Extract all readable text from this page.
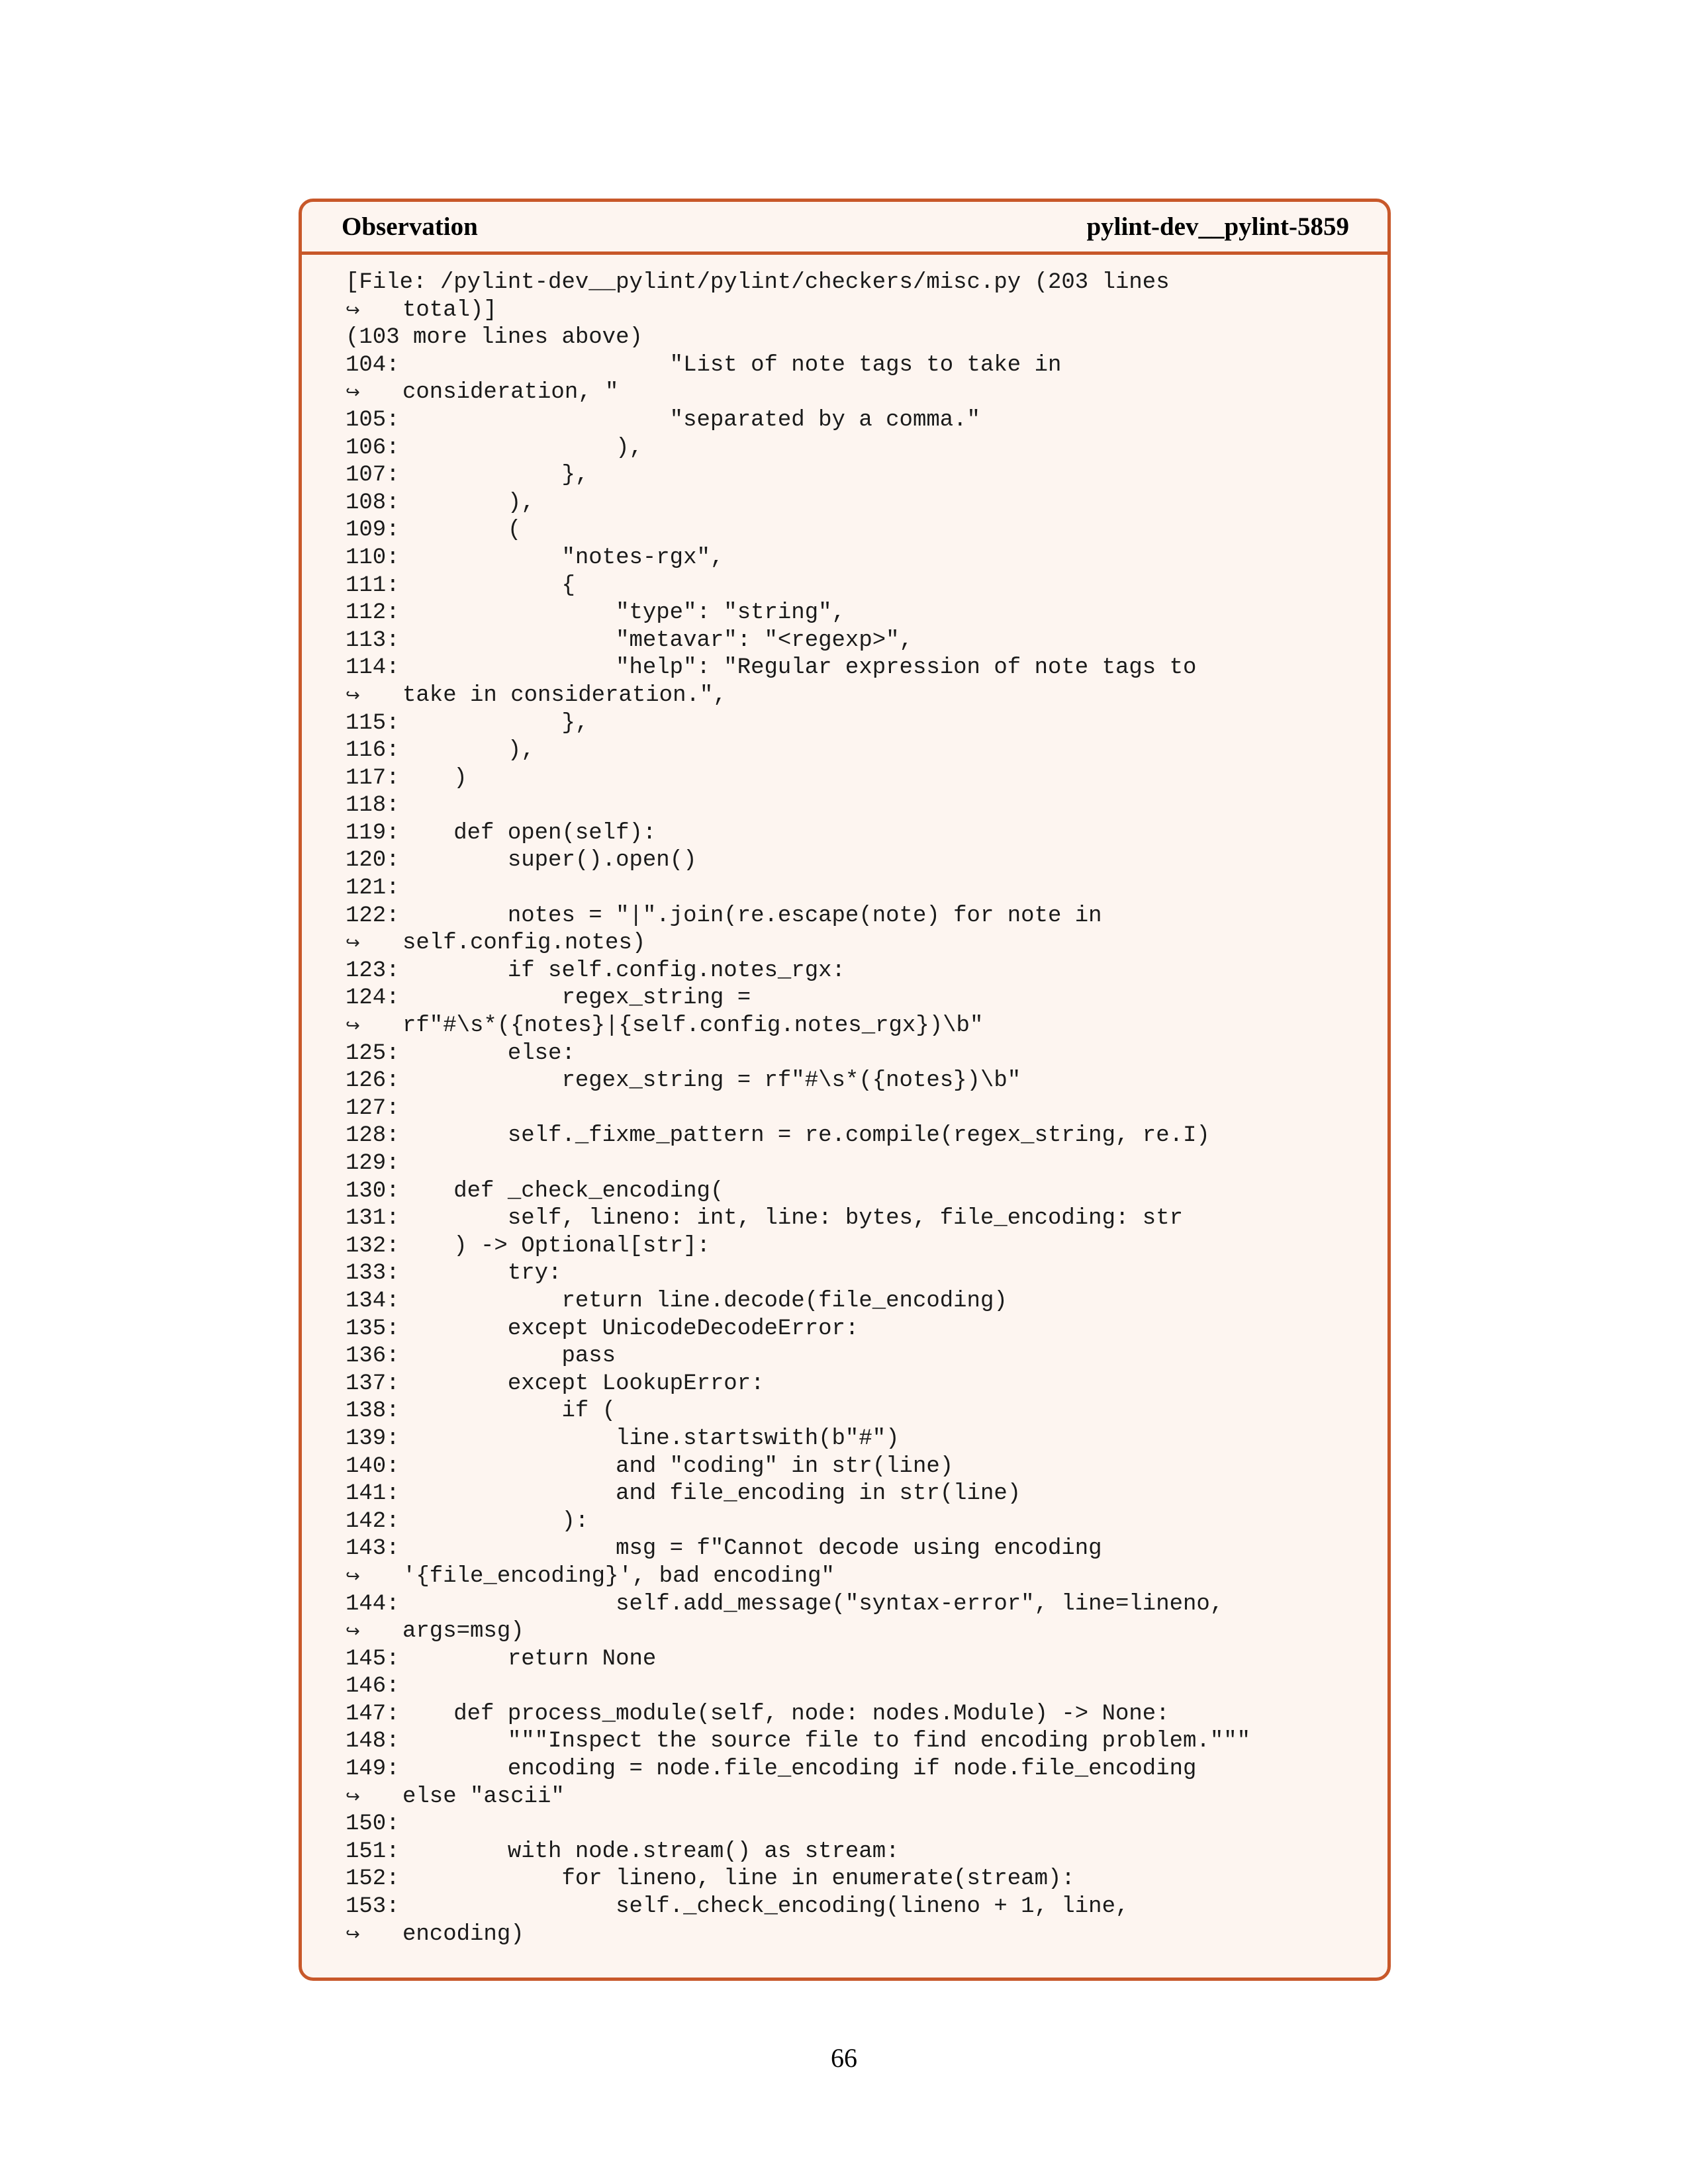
Observation	pylint-dev__pylint-5859
[File: /pylint-dev__pylint/pylint/checkers/misc.py (203 lines
↪ total)]
(103 more lines above)
104:                    "List of note tags to take in
↪ consideration, "
105:                    "separated by a comma."
106:                ),
107:            },
108:        ),
109:        (
110:            "notes-rgx",
111:            {
112:                "type": "string",
113:                "metavar": "<regexp>",
114:                "help": "Regular expression of note tags to
↪ take in consideration.",
115:            },
116:        ),
117:    )
118:
119:    def open(self):
120:        super().open()
121:
122:        notes = "|".join(re.escape(note) for note in
↪ self.config.notes)
123:        if self.config.notes_rgx:
124:            regex_string =
↪ rf"#\s*({notes}|{self.config.notes_rgx})\b"
125:        else:
126:            regex_string = rf"#\s*({notes})\b"
127:
128:        self._fixme_pattern = re.compile(regex_string, re.I)
129:
130:    def _check_encoding(
131:        self, lineno: int, line: bytes, file_encoding: str
132:    ) -> Optional[str]:
133:        try:
134:            return line.decode(file_encoding)
135:        except UnicodeDecodeError:
136:            pass
137:        except LookupError:
138:            if (
139:                line.startswith(b"#")
140:                and "coding" in str(line)
141:                and file_encoding in str(line)
142:            ):
143:                msg = f"Cannot decode using encoding
↪ '{file_encoding}', bad encoding"
144:                self.add_message("syntax-error", line=lineno,
↪ args=msg)
145:        return None
146:
147:    def process_module(self, node: nodes.Module) -> None:
148:        """Inspect the source file to find encoding problem."""
149:        encoding = node.file_encoding if node.file_encoding
↪ else "ascii"
150:
151:        with node.stream() as stream:
152:            for lineno, line in enumerate(stream):
153:                self._check_encoding(lineno + 1, line,
↪ encoding)
66
